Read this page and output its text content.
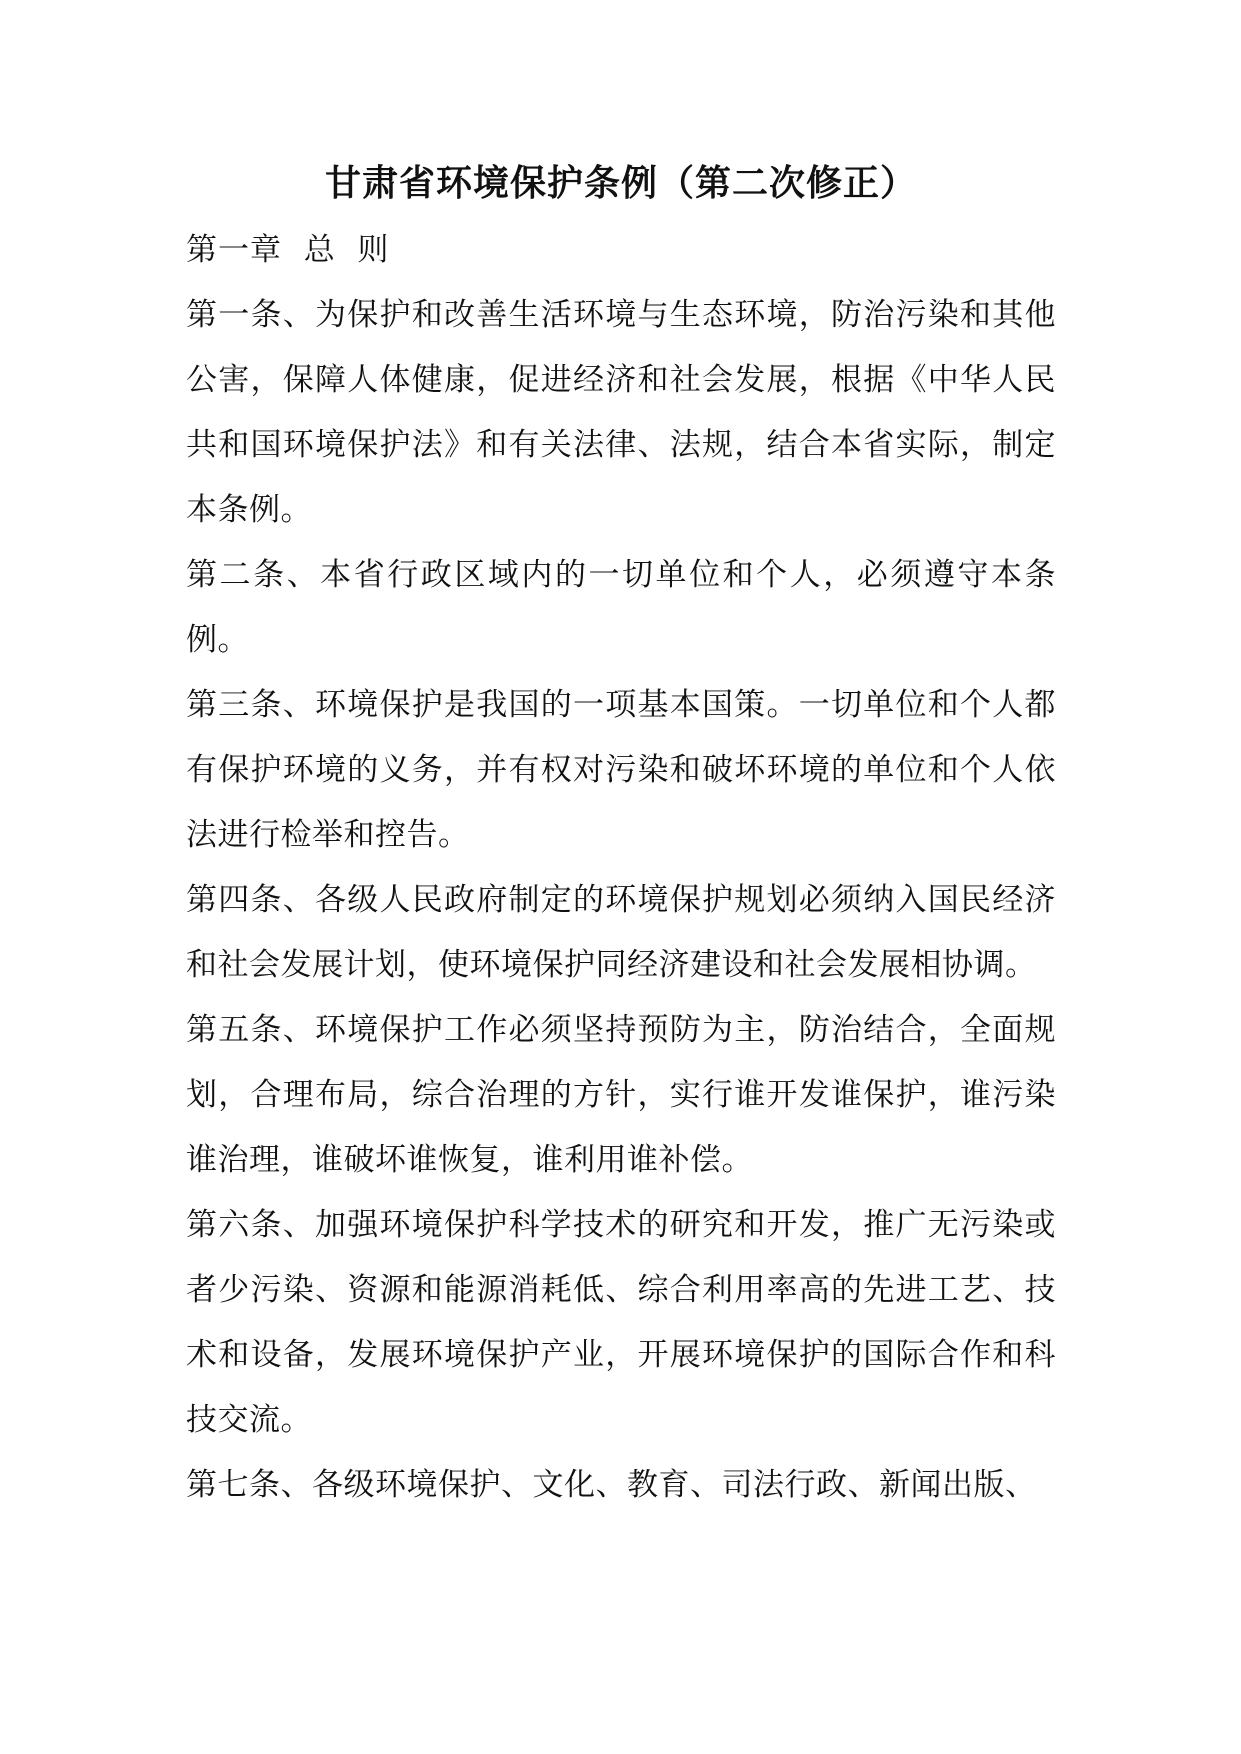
甘肃省环境保护条例（第二次修正）

第一章  总  则

第一条、为保护和改善生活环境与生态环境，防治污染和其他公害，保障人体健康，促进经济和社会发展，根据《中华人民共和国环境保护法》和有关法律、法规，结合本省实际，制定本条例。

第二条、本省行政区域内的一切单位和个人，必须遵守本条例。

第三条、环境保护是我国的一项基本国策。一切单位和个人都有保护环境的义务，并有权对污染和破坏环境的单位和个人依法进行检举和控告。

第四条、各级人民政府制定的环境保护规划必须纳入国民经济和社会发展计划，使环境保护同经济建设和社会发展相协调。

第五条、环境保护工作必须坚持预防为主，防治结合，全面规划，合理布局，综合治理的方针，实行谁开发谁保护，谁污染谁治理，谁破坏谁恢复，谁利用谁补偿。

第六条、加强环境保护科学技术的研究和开发，推广无污染或者少污染、资源和能源消耗低、综合利用率高的先进工艺、技术和设备，发展环境保护产业，开展环境保护的国际合作和科技交流。

第七条、各级环境保护、文化、教育、司法行政、新闻出版、
